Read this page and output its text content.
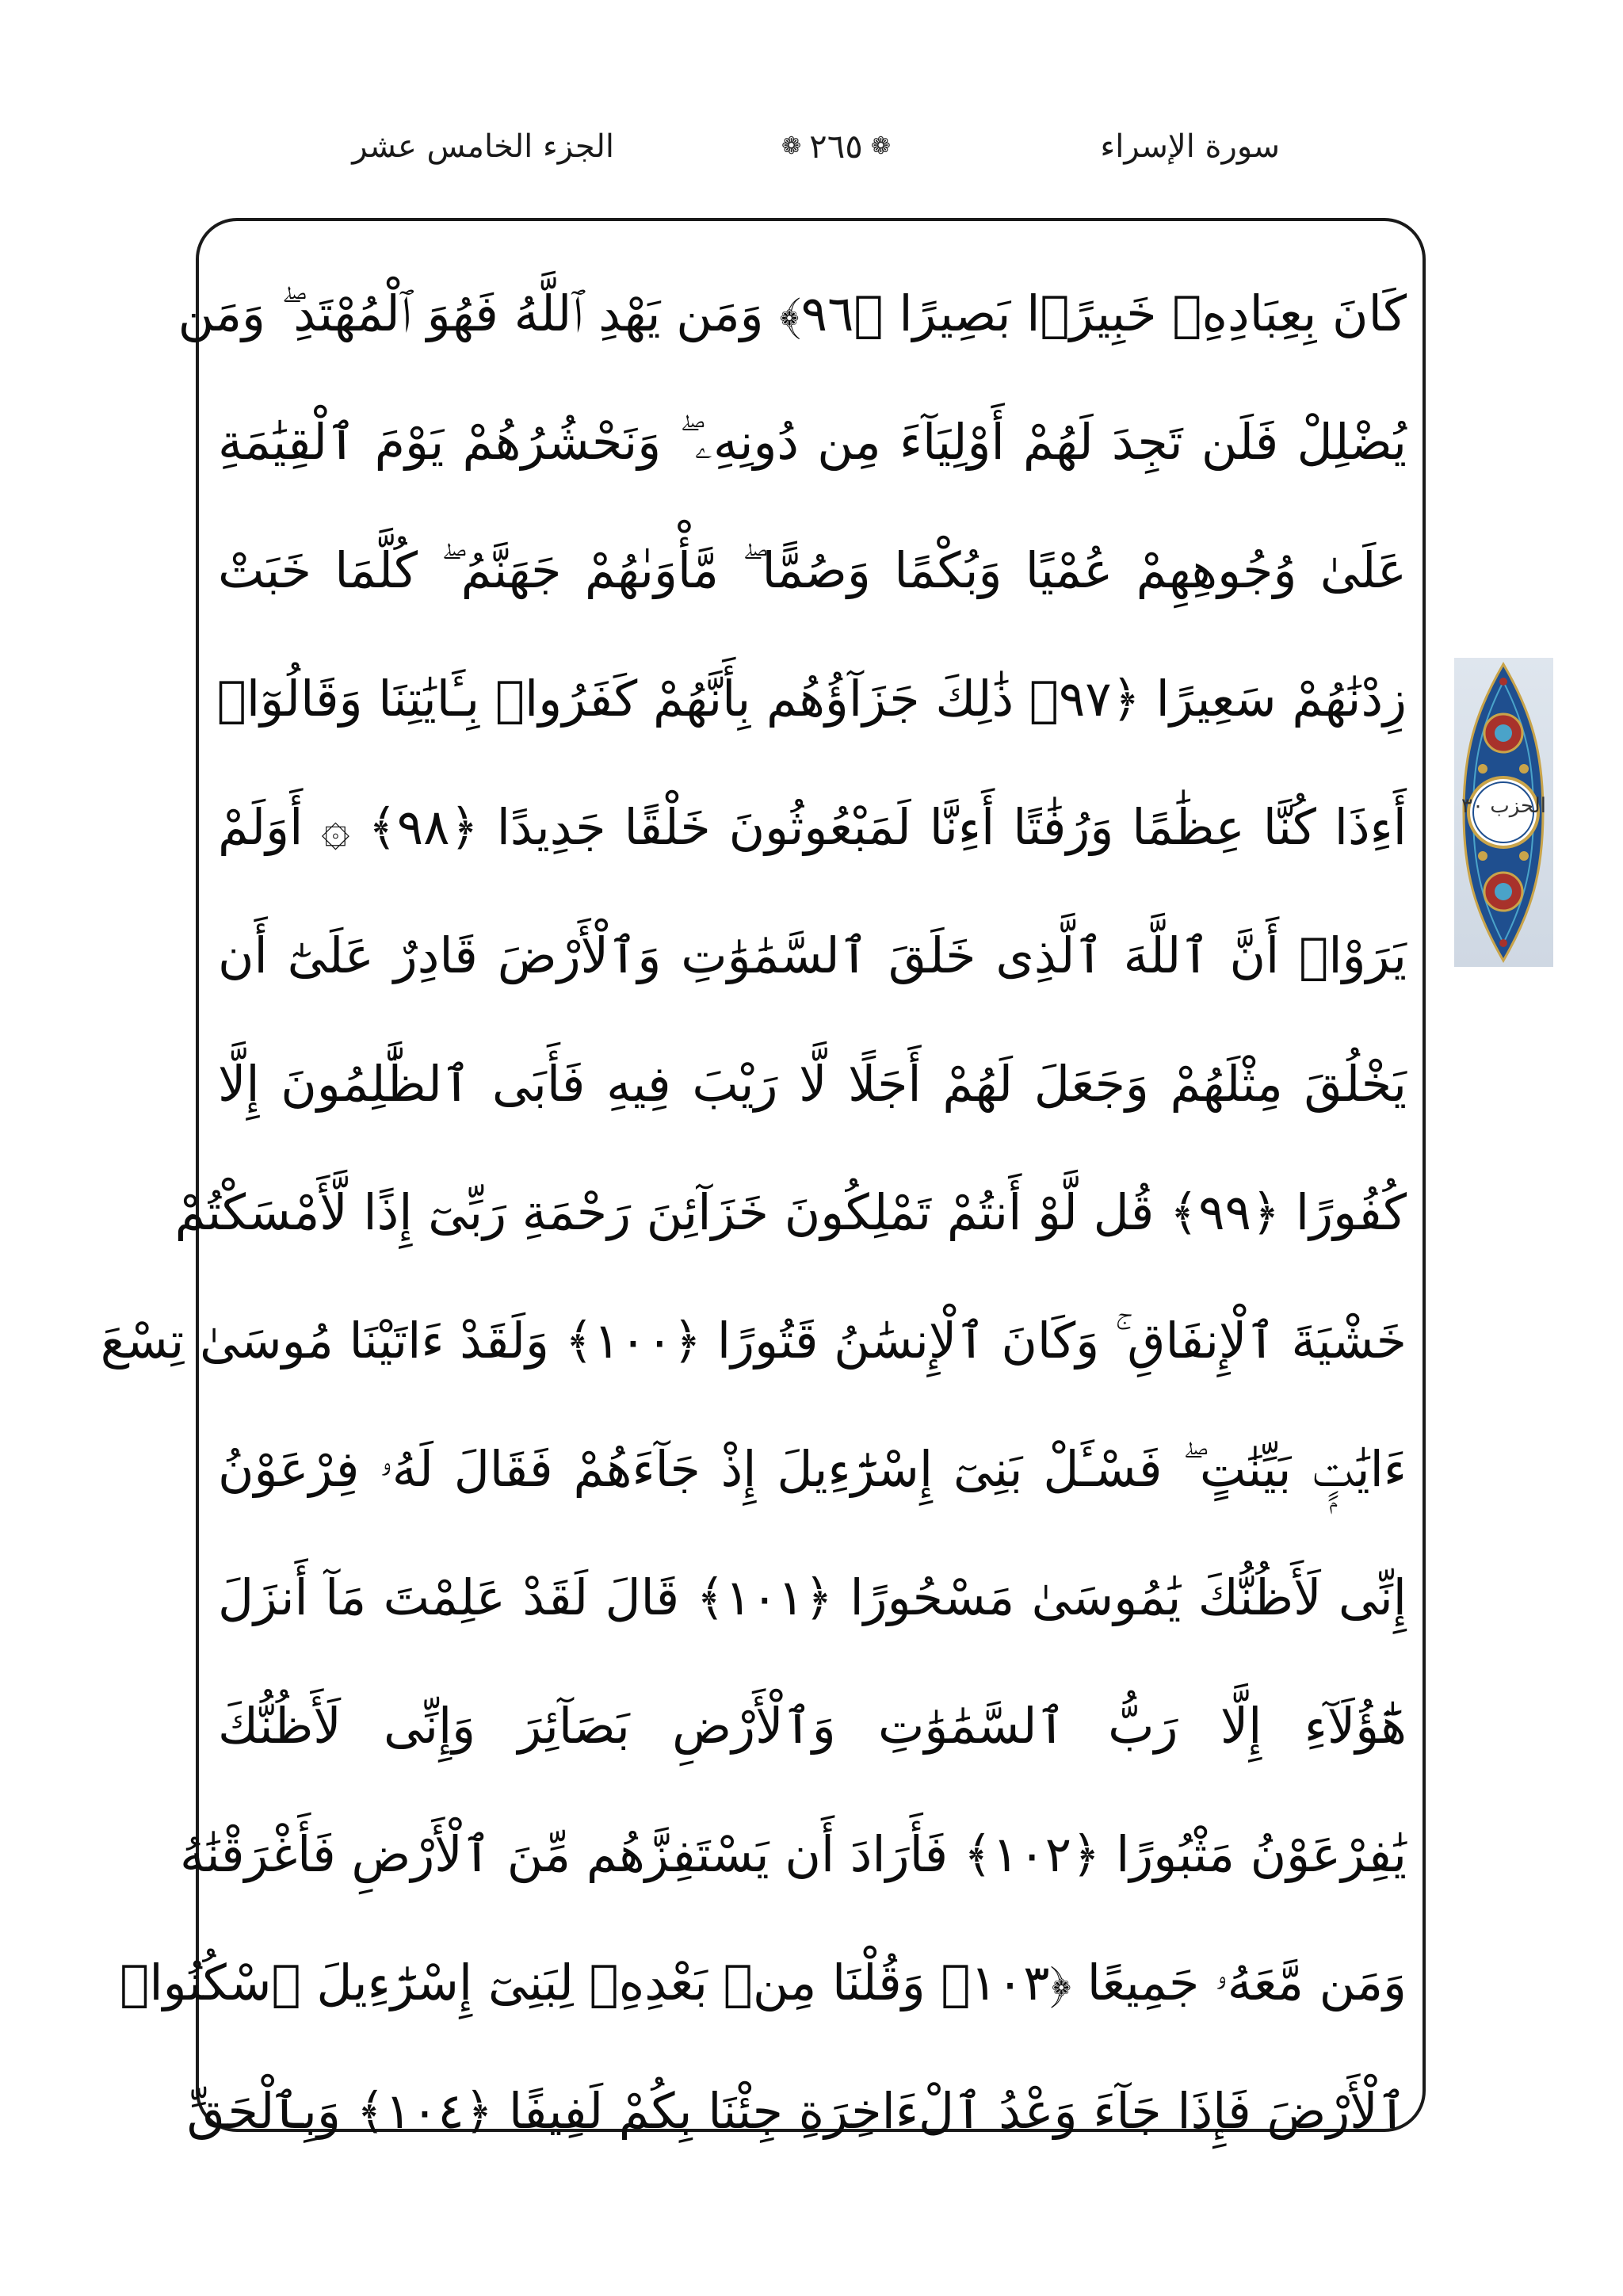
الجزء الخامس عشر	❁
٢٦٥
❁	سورة الإسراء
كَانَ بِعِبَادِهِۦ خَبِيرًۢا بَصِيرًا ﴿٩٦﴾ وَمَن يَهْدِ ٱللَّهُ فَهُوَ ٱلْمُهْتَدِ ۖ وَمَن
يُضْلِلْ فَلَن تَجِدَ لَهُمْ أَوْلِيَآءَ مِن دُونِهِۦ ۖ وَنَحْشُرُهُمْ يَوْمَ ٱلْقِيَٰمَةِ
عَلَىٰ وُجُوهِهِمْ عُمْيًا وَبُكْمًا وَصُمًّا ۖ مَّأْوَىٰهُمْ جَهَنَّمُ ۖ كُلَّمَا خَبَتْ
زِدْنَٰهُمْ سَعِيرًا ﴿٩٧﴾ ذَٰلِكَ جَزَآؤُهُم بِأَنَّهُمْ كَفَرُوا۟ بِـَٔايَٰتِنَا وَقَالُوٓا۟
أَءِذَا كُنَّا عِظَٰمًا وَرُفَٰتًا أَءِنَّا لَمَبْعُوثُونَ خَلْقًا جَدِيدًا ﴿٩٨﴾ ۞ أَوَلَمْ
يَرَوْا۟ أَنَّ ٱللَّهَ ٱلَّذِى خَلَقَ ٱلسَّمَٰوَٰتِ وَٱلْأَرْضَ قَادِرٌ عَلَىٰٓ أَن
يَخْلُقَ مِثْلَهُمْ وَجَعَلَ لَهُمْ أَجَلًا لَّا رَيْبَ فِيهِ فَأَبَى ٱلظَّٰلِمُونَ إِلَّا
كُفُورًا ﴿٩٩﴾ قُل لَّوْ أَنتُمْ تَمْلِكُونَ خَزَآئِنَ رَحْمَةِ رَبِّىٓ إِذًا لَّأَمْسَكْتُمْ
خَشْيَةَ ٱلْإِنفَاقِ ۚ وَكَانَ ٱلْإِنسَٰنُ قَتُورًا ﴿١٠٠﴾ وَلَقَدْ ءَاتَيْنَا مُوسَىٰ تِسْعَ
ءَايَٰتٍۭ بَيِّنَٰتٍ ۖ فَسْـَٔلْ بَنِىٓ إِسْرَٰٓءِيلَ إِذْ جَآءَهُمْ فَقَالَ لَهُۥ فِرْعَوْنُ
إِنِّى لَأَظُنُّكَ يَٰمُوسَىٰ مَسْحُورًا ﴿١٠١﴾ قَالَ لَقَدْ عَلِمْتَ مَآ أَنزَلَ
هَٰٓؤُلَآءِ إِلَّا رَبُّ ٱلسَّمَٰوَٰتِ وَٱلْأَرْضِ بَصَآئِرَ وَإِنِّى لَأَظُنُّكَ
يَٰفِرْعَوْنُ مَثْبُورًا ﴿١٠٢﴾ فَأَرَادَ أَن يَسْتَفِزَّهُم مِّنَ ٱلْأَرْضِ فَأَغْرَقْنَٰهُ
وَمَن مَّعَهُۥ جَمِيعًا ﴿١٠٣﴾ وَقُلْنَا مِنۢ بَعْدِهِۦ لِبَنِىٓ إِسْرَٰٓءِيلَ ٱسْكُنُوا۟
ٱلْأَرْضَ فَإِذَا جَآءَ وَعْدُ ٱلْءَاخِرَةِ جِئْنَا بِكُمْ لَفِيفًا ﴿١٠٤﴾ وَبِٱلْحَقِّ
الحزب ٣٠
